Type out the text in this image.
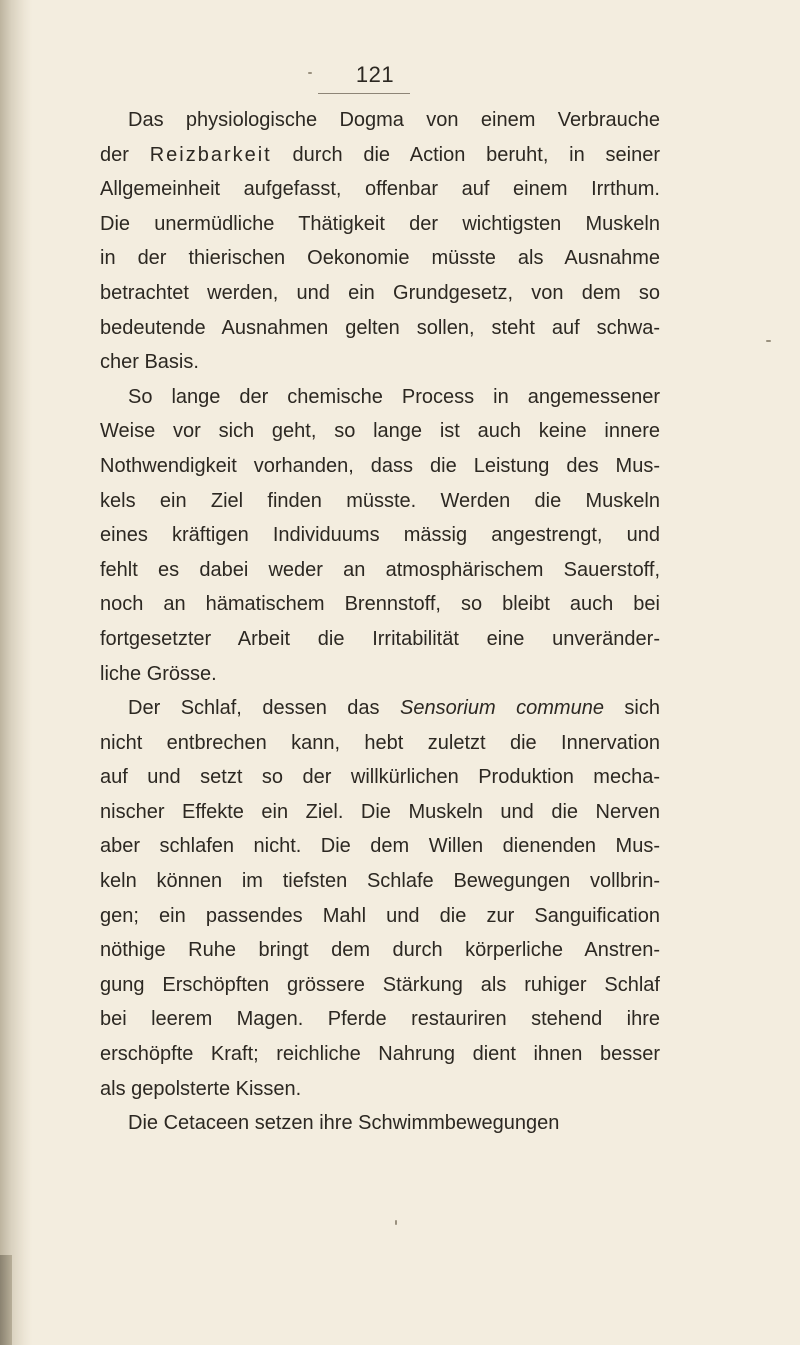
121
Das physiologische Dogma von einem Verbrauche
der Reizbarkeit durch die Action beruht, in seiner
Allgemeinheit aufgefasst, offenbar auf einem Irrthum.
Die unermüdliche Thätigkeit der wichtigsten Muskeln
in der thierischen Oekonomie müsste als Ausnahme
betrachtet werden, und ein Grundgesetz, von dem so
bedeutende Ausnahmen gelten sollen, steht auf schwa-
cher Basis.
So lange der chemische Process in angemessener
Weise vor sich geht, so lange ist auch keine innere
Nothwendigkeit vorhanden, dass die Leistung des Mus-
kels ein Ziel finden müsste. Werden die Muskeln
eines kräftigen Individuums mässig angestrengt, und
fehlt es dabei weder an atmosphärischem Sauerstoff,
noch an hämatischem Brennstoff, so bleibt auch bei
fortgesetzter Arbeit die Irritabilität eine unveränder-
liche Grösse.
Der Schlaf, dessen das Sensorium commune sich
nicht entbrechen kann, hebt zuletzt die Innervation
auf und setzt so der willkürlichen Produktion mecha-
nischer Effekte ein Ziel. Die Muskeln und die Nerven
aber schlafen nicht. Die dem Willen dienenden Mus-
keln können im tiefsten Schlafe Bewegungen vollbrin-
gen; ein passendes Mahl und die zur Sanguification
nöthige Ruhe bringt dem durch körperliche Anstren-
gung Erschöpften grössere Stärkung als ruhiger Schlaf
bei leerem Magen. Pferde restauriren stehend ihre
erschöpfte Kraft; reichliche Nahrung dient ihnen besser
als gepolsterte Kissen.
Die Cetaceen setzen ihre Schwimmbewegungen
